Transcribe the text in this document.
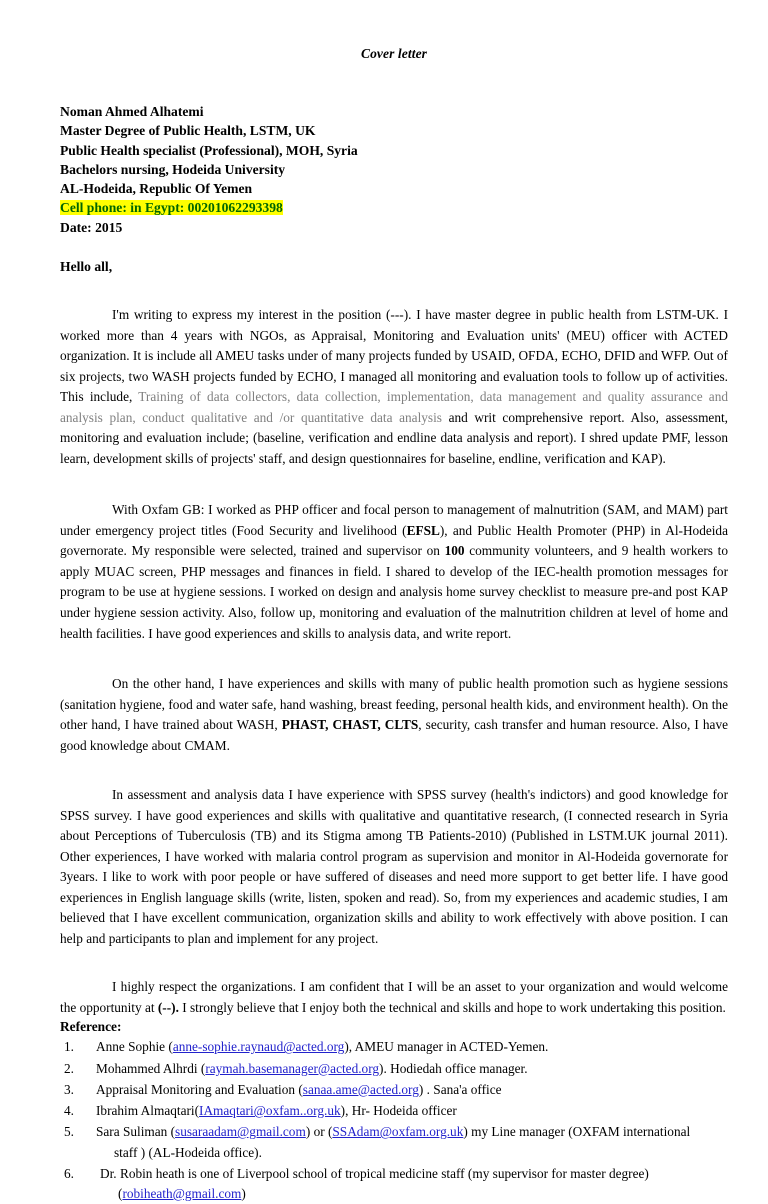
Cover letter
Noman Ahmed Alhatemi
Master Degree of Public Health, LSTM, UK
Public Health specialist (Professional), MOH, Syria
Bachelors nursing, Hodeida University
AL-Hodeida, Republic Of Yemen
Cell phone: in Egypt: 00201062293398
Date: 2015
Hello all,

I'm writing to express my interest in the position (---). I have master degree in public health from LSTM-UK. I worked more than 4 years with NGOs, as Appraisal, Monitoring and Evaluation units' (MEU) officer with ACTED organization. It is include all AMEU tasks under of many projects funded by USAID, OFDA, ECHO, DFID and WFP. Out of six projects, two WASH projects funded by ECHO, I managed all monitoring and evaluation tools to follow up of activities. This include, Training of data collectors, data collection, implementation, data management and quality assurance and analysis plan, conduct qualitative and /or quantitative data analysis and writ comprehensive report. Also, assessment, monitoring and evaluation include; (baseline, verification and endline data analysis and report). I shred update PMF, lesson learn, development skills of projects' staff, and design questionnaires for baseline, endline, verification and KAP).

With Oxfam GB: I worked as PHP officer and focal person to management of malnutrition (SAM, and MAM) part under emergency project titles (Food Security and livelihood (EFSL), and Public Health Promoter (PHP) in Al-Hodeida governorate. My responsible were selected, trained and supervisor on 100 community volunteers, and 9 health workers to apply MUAC screen, PHP messages and finances in field. I shared to develop of the IEC-health promotion messages for program to be use at hygiene sessions. I worked on design and analysis home survey checklist to measure pre-and post KAP under hygiene session activity. Also, follow up, monitoring and evaluation of the malnutrition children at level of home and health facilities. I have good experiences and skills to analysis data, and write report.

On the other hand, I have experiences and skills with many of public health promotion such as hygiene sessions (sanitation hygiene, food and water safe, hand washing, breast feeding, personal health kids, and environment health). On the other hand, I have trained about WASH, PHAST, CHAST, CLTS, security, cash transfer and human resource. Also, I have good knowledge about CMAM.

In assessment and analysis data I have experience with SPSS survey (health's indictors) and good knowledge for SPSS survey. I have good experiences and skills with qualitative and quantitative research, (I connected research in Syria about Perceptions of Tuberculosis (TB) and its Stigma among TB Patients-2010) (Published in LSTM.UK journal 2011). Other experiences, I have worked with malaria control program as supervision and monitor in Al-Hodeida governorate for 3years. I like to work with poor people or have suffered of diseases and need more support to get better life. I have good experiences in English language skills (write, listen, spoken and read). So, from my experiences and academic studies, I am believed that I have excellent communication, organization skills and ability to work effectively with above position. I can help and participants to plan and implement for any project.

I highly respect the organizations. I am confident that I will be an asset to your organization and would welcome the opportunity at (--). I strongly believe that I enjoy both the technical and skills and hope to work undertaking this position.

Reference:
1. Anne Sophie (anne-sophie.raynaud@acted.org), AMEU manager in ACTED-Yemen.
2. Mohammed Alhrdi (raymah.basemanager@acted.org). Hodiedah office manager.
3. Appraisal Monitoring and Evaluation (sanaa.ame@acted.org) . Sana'a office
4. Ibrahim Almaqtari(IAmaqtari@oxfam..org.uk), Hr- Hodeida officer
5. Sara Suliman (susaraadam@gmail.com) or (SSAdam@oxfam.org.uk) my Line manager (OXFAM international
staff ) (AL-Hodeida office).
6. Dr. Robin heath is one of Liverpool school of tropical medicine staff (my supervisor for master degree)
(robiheath@gmail.com)
